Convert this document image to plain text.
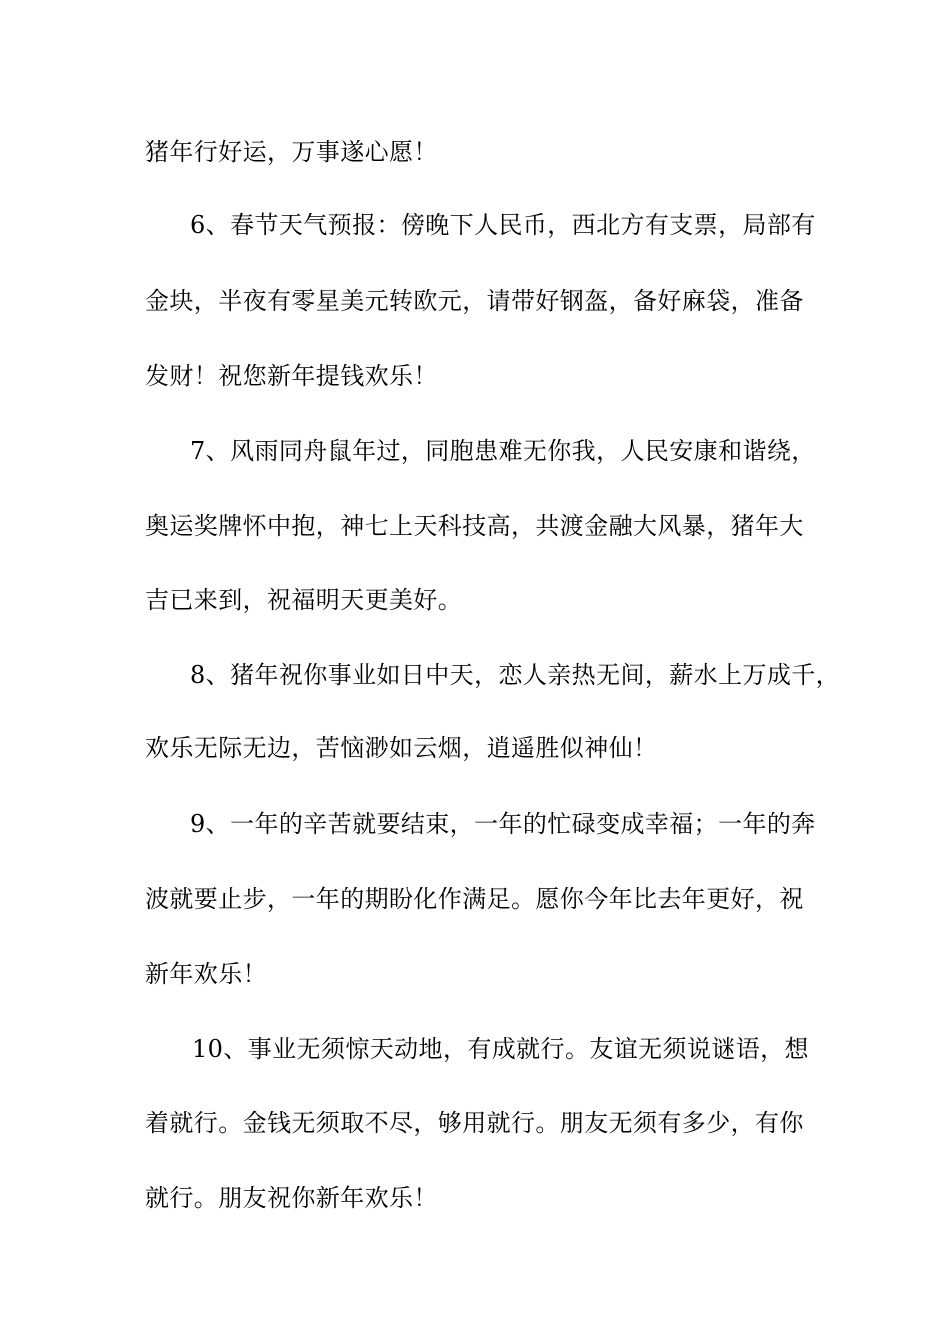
猪年行好运，万事遂心愿！
6、春节天气预报：傍晚下人民币，西北方有支票，局部有
金块，半夜有零星美元转欧元，请带好钢盔，备好麻袋，准备
发财！祝您新年提钱欢乐！
7、风雨同舟鼠年过，同胞患难无你我，人民安康和谐绕，
奥运奖牌怀中抱，神七上天科技高，共渡金融大风暴，猪年大
吉已来到，祝福明天更美好。
8、猪年祝你事业如日中天，恋人亲热无间，薪水上万成千，
欢乐无际无边，苦恼渺如云烟，逍遥胜似神仙！
9、一年的辛苦就要结束，一年的忙碌变成幸福；一年的奔
波就要止步，一年的期盼化作满足。愿你今年比去年更好，祝
新年欢乐！
10、事业无须惊天动地，有成就行。友谊无须说谜语，想
着就行。金钱无须取不尽，够用就行。朋友无须有多少，有你
就行。朋友祝你新年欢乐！
